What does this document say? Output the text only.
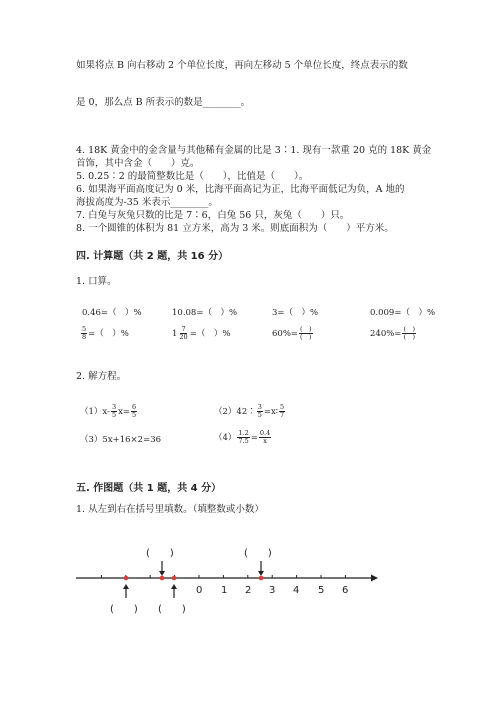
如果将点 B 向右移动 2 个单位长度，再向左移动 5 个单位长度，终点表示的数
是 0，那么点 B 所表示的数是________。
4. 18K 黄金中的金含量与其他稀有金属的比是 3∶1. 现有一款重 20 克的 18K 黄金
首饰，其中含金（　　）克。
5. 0.25∶2 的最简整数比是（　　），比值是（　　）。
6. 如果海平面高度记为 0 米，比海平面高记为正，比海平面低记为负，A 地的
海拔高度为-35 米表示________。
7. 白兔与灰兔只数的比是 7∶6，白兔 56 只，灰兔（　　）只。
8. 一个圆锥的体积为 81 立方米，高为 3 米。则底面积为（　　）平方米。
四. 计算题（共 2 题，共 16 分）
1. 口算。
0.46=（　）%	10.08=（　）%	3=（　）%	0.009=（　）%
$\frac{5}{8}$ =（　）%	$1 \frac{7}{20}$ =（　）%	$60\%= \frac{( )}{( )}$	$240\%= \frac{( )}{( )}$
2. 解方程。
$(1)x- \frac{3}{5} x= \frac{6}{5}$	（2）42∶ $\frac{3}{5}$ =x∶ $\frac{5}{7}$
（3）5x+16×2=36	$(4) \frac{1.2}{7.5} = \frac{0.4}{x}$
五. 作图题（共 1 题，共 4 分）
1. 从左到右在括号里填数。（填整数或小数）
(　　)	(　　)
0 1 2 3 4 5 6
(　　) (　　)
